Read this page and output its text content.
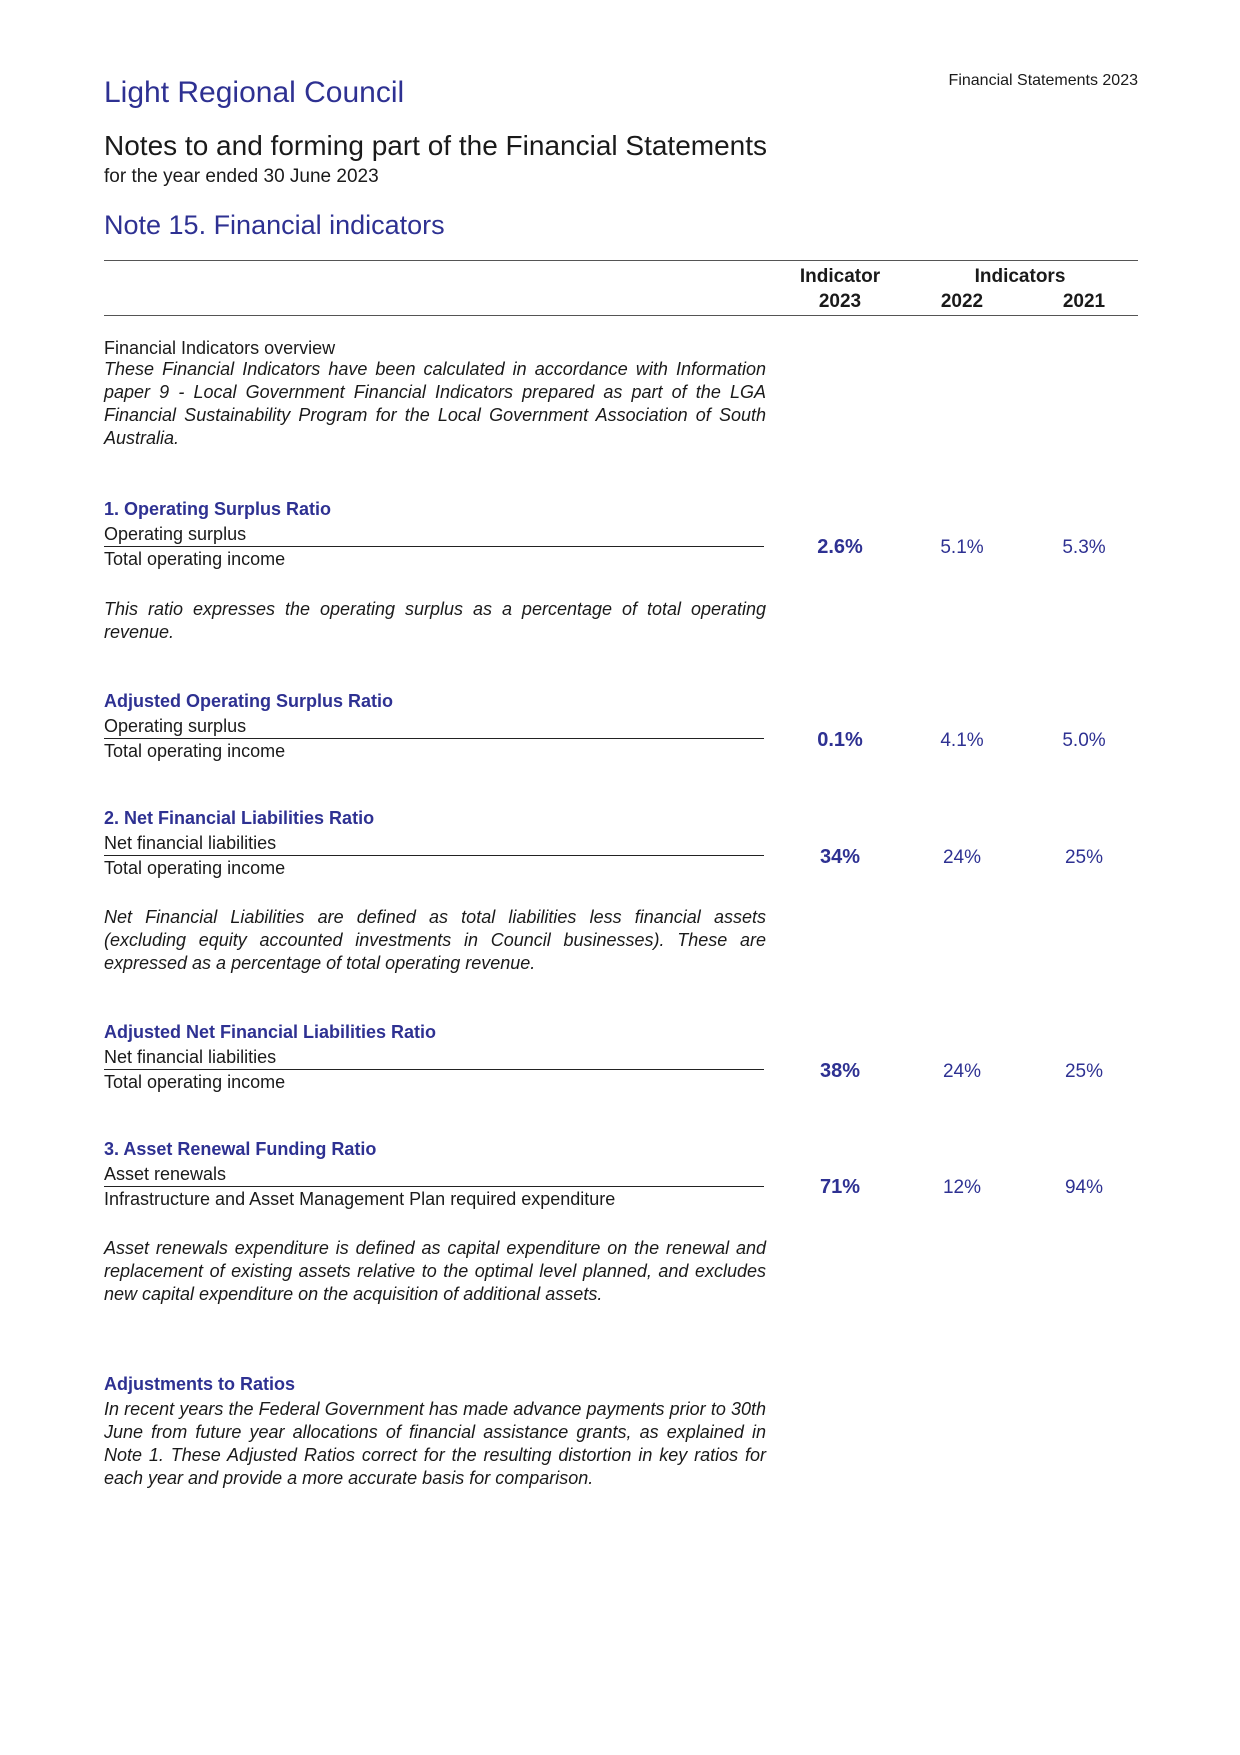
Light Regional Council	Financial Statements 2023
Notes to and forming part of the Financial Statements
for the year ended 30 June 2023
Note 15. Financial indicators
Indicator	Indicators
2023	2022	2021
Financial Indicators overview
These Financial Indicators have been calculated in accordance with Information paper 9 - Local Government Financial Indicators prepared as part of the LGA Financial Sustainability Program for the Local Government Association of South Australia.
1. Operating Surplus Ratio
Operating surplus
Total operating income
2.6%	5.1%	5.3%
This ratio expresses the operating surplus as a percentage of total operating revenue.
Adjusted Operating Surplus Ratio
Operating surplus
Total operating income	0.1%	4.1%	5.0%
2. Net Financial Liabilities Ratio
Net financial liabilities
Total operating income	34%	24%	25%
Net Financial Liabilities are defined as total liabilities less financial assets (excluding equity accounted investments in Council businesses). These are expressed as a percentage of total operating revenue.
Adjusted Net Financial Liabilities Ratio
Net financial liabilities
Total operating income	38%	24%	25%
3. Asset Renewal Funding Ratio
Asset renewals
Infrastructure and Asset Management Plan required expenditure
71%	12%	94%
Asset renewals expenditure is defined as capital expenditure on the renewal and replacement of existing assets relative to the optimal level planned, and excludes new capital expenditure on the acquisition of additional assets.
Adjustments to Ratios
In recent years the Federal Government has made advance payments prior to 30th June from future year allocations of financial assistance grants, as explained in Note 1. These Adjusted Ratios correct for the resulting distortion in key ratios for each year and provide a more accurate basis for comparison.
